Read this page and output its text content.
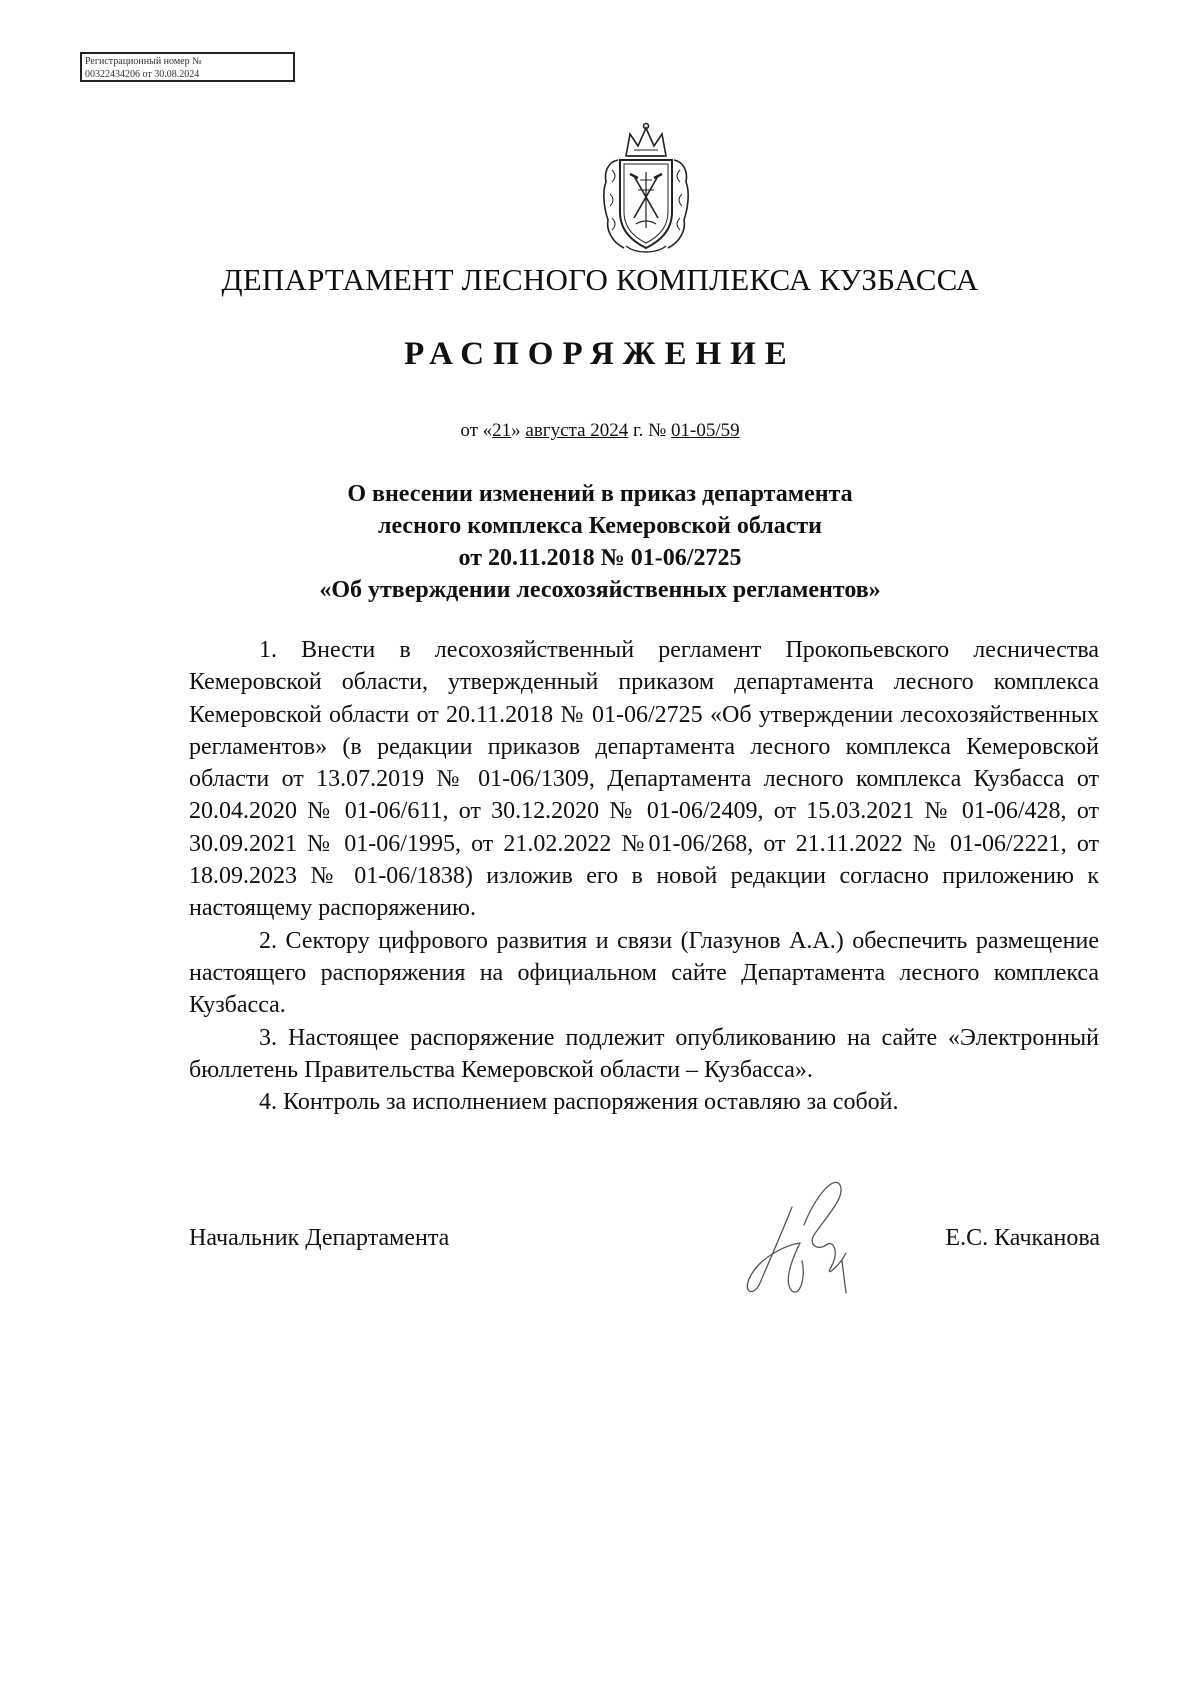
Регистрационный номер №
00322434206 от 30.08.2024
ДЕПАРТАМЕНТ ЛЕСНОГО КОМПЛЕКСА КУЗБАССА
РАСПОРЯЖЕНИЕ
от «21» августа 2024 г. № 01-05/59
О внесении изменений в приказ департамента
лесного комплекса Кемеровской области
от 20.11.2018 № 01-06/2725
«Об утверждении лесохозяйственных регламентов»

1. Внести в лесохозяйственный регламент Прокопьевского лесничества Кемеровской области, утвержденный приказом департамента лесного комплекса Кемеровской области от 20.11.2018 № 01-06/2725 «Об утверждении лесохозяйственных регламентов» (в редакции приказов департамента лесного комплекса Кемеровской области от 13.07.2019 № 01-06/1309, Департамента лесного комплекса Кузбасса от 20.04.2020 № 01-06/611, от 30.12.2020 № 01-06/2409, от 15.03.2021 № 01-06/428, от 30.09.2021 № 01-06/1995, от 21.02.2022 №01-06/268, от 21.11.2022 № 01-06/2221, от 18.09.2023 № 01-06/1838) изложив его в новой редакции согласно приложению к настоящему распоряжению.

2. Сектору цифрового развития и связи (Глазунов А.А.) обеспечить размещение настоящего распоряжения на официальном сайте Департамента лесного комплекса Кузбасса.

3. Настоящее распоряжение подлежит опубликованию на сайте «Электронный бюллетень Правительства Кемеровской области – Кузбасса».

4. Контроль за исполнением распоряжения оставляю за собой.

Начальник Департамента	Е.С. Качканова
